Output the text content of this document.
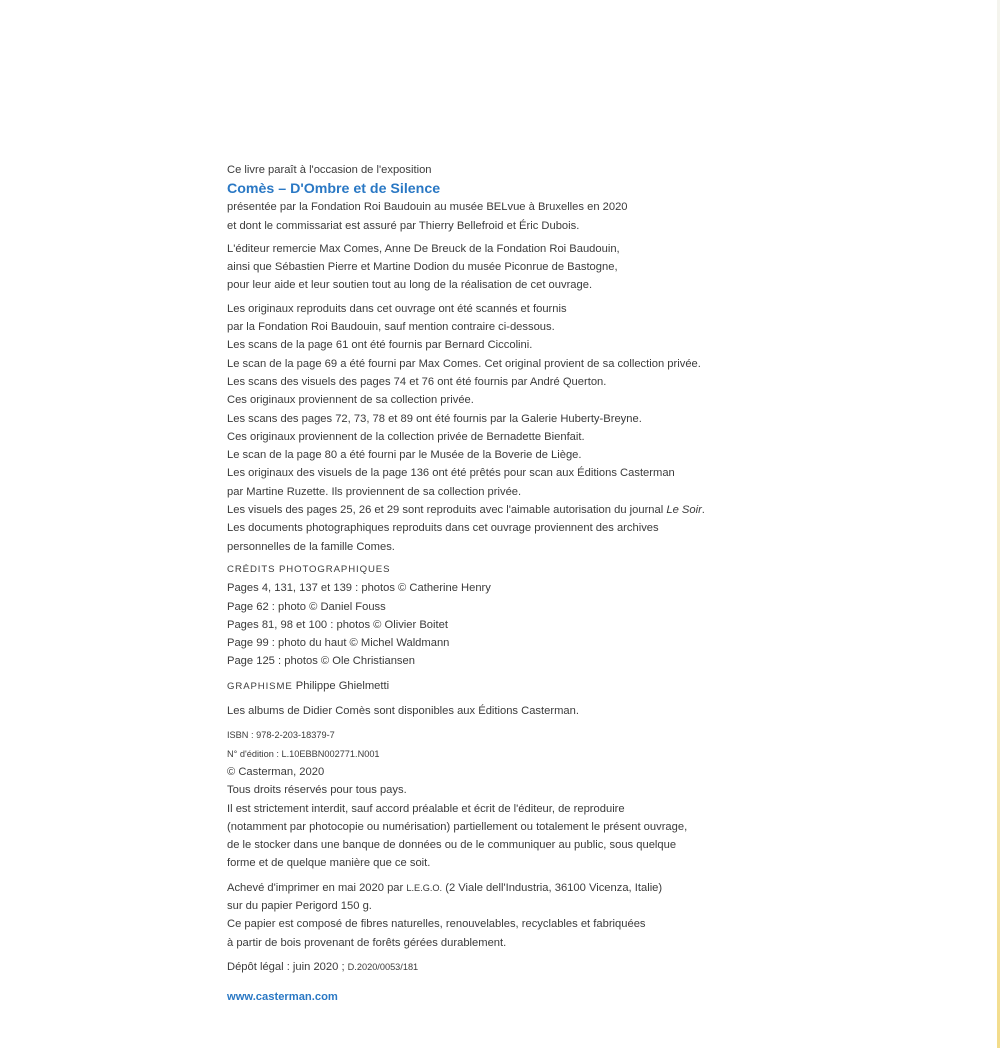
Ce livre paraît à l'occasion de l'exposition
Comès – D'Ombre et de Silence
présentée par la Fondation Roi Baudouin au musée BELvue à Bruxelles en 2020
et dont le commissariat est assuré par Thierry Bellefroid et Éric Dubois.
L'éditeur remercie Max Comes, Anne De Breuck de la Fondation Roi Baudouin,
ainsi que Sébastien Pierre et Martine Dodion du musée Piconrue de Bastogne,
pour leur aide et leur soutien tout au long de la réalisation de cet ouvrage.
Les originaux reproduits dans cet ouvrage ont été scannés et fournis
par la Fondation Roi Baudouin, sauf mention contraire ci-dessous.
Les scans de la page 61 ont été fournis par Bernard Ciccolini.
Le scan de la page 69 a été fourni par Max Comes. Cet original provient de sa collection privée.
Les scans des visuels des pages 74 et 76 ont été fournis par André Querton.
Ces originaux proviennent de sa collection privée.
Les scans des pages 72, 73, 78 et 89 ont été fournis par la Galerie Huberty-Breyne.
Ces originaux proviennent de la collection privée de Bernadette Bienfait.
Le scan de la page 80 a été fourni par le Musée de la Boverie de Liège.
Les originaux des visuels de la page 136 ont été prêtés pour scan aux Éditions Casterman
par Martine Ruzette. Ils proviennent de sa collection privée.
Les visuels des pages 25, 26 et 29 sont reproduits avec l'aimable autorisation du journal Le Soir.
Les documents photographiques reproduits dans cet ouvrage proviennent des archives
personnelles de la famille Comes.
CRÉDITS PHOTOGRAPHIQUES
Pages 4, 131, 137 et 139 : photos © Catherine Henry
Page 62 : photo © Daniel Fouss
Pages 81, 98 et 100 : photos © Olivier Boitet
Page 99 : photo du haut © Michel Waldmann
Page 125 : photos © Ole Christiansen
GRAPHISME Philippe Ghielmetti
Les albums de Didier Comès sont disponibles aux Éditions Casterman.
ISBN : 978-2-203-18379-7
N° d'édition : L.10EBBN002771.N001
© Casterman, 2020
Tous droits réservés pour tous pays.
Il est strictement interdit, sauf accord préalable et écrit de l'éditeur, de reproduire
(notamment par photocopie ou numérisation) partiellement ou totalement le présent ouvrage,
de le stocker dans une banque de données ou de le communiquer au public, sous quelque
forme et de quelque manière que ce soit.
Achevé d'imprimer en mai 2020 par L.E.G.O. (2 Viale dell'Industria, 36100 Vicenza, Italie)
sur du papier Perigord 150 g.
Ce papier est composé de fibres naturelles, renouvelables, recyclables et fabriquées
à partir de bois provenant de forêts gérées durablement.
Dépôt légal : juin 2020 ; D.2020/0053/181
www.casterman.com
